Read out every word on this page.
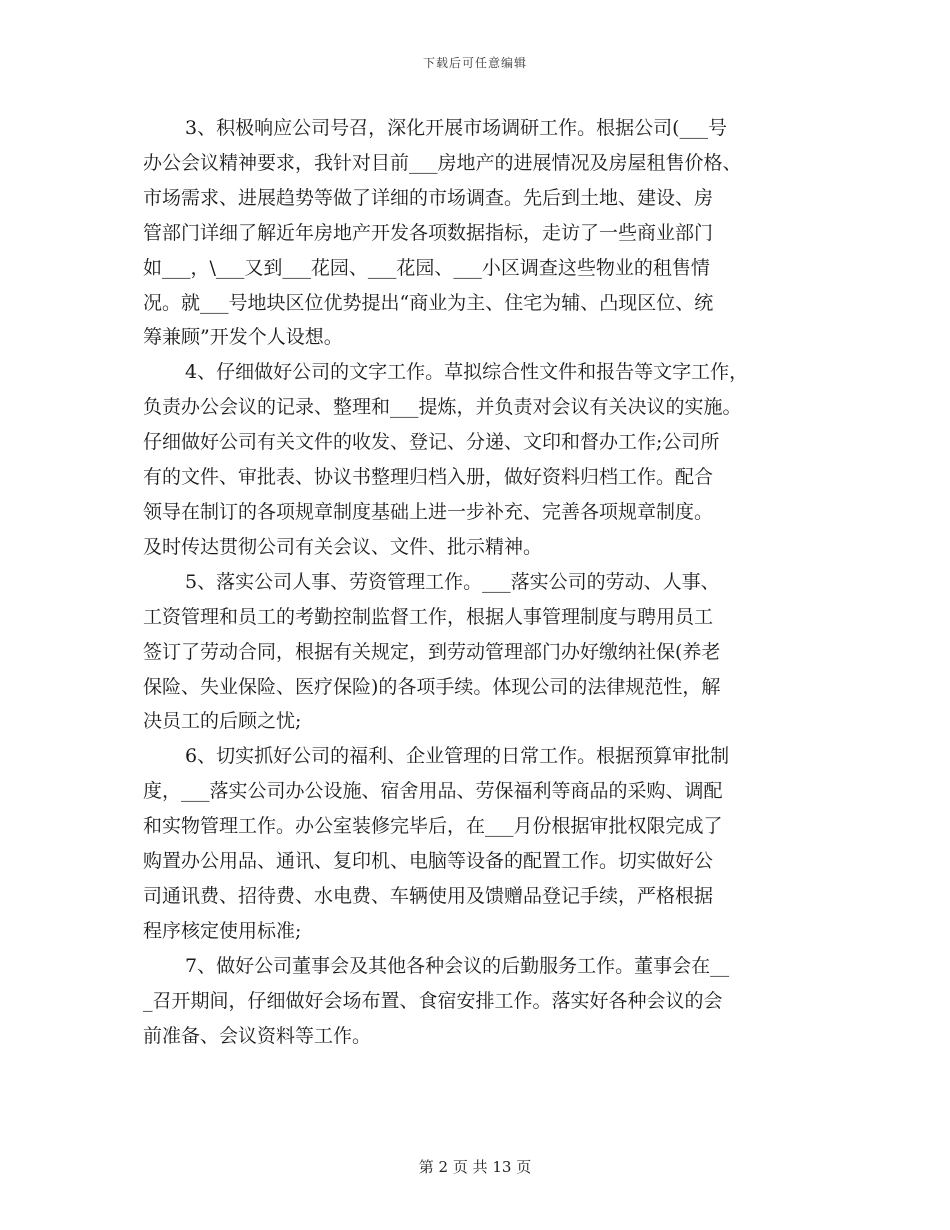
下载后可任意编辑
3、积极响应公司号召，深化开展市场调研工作。根据公司(___号
办公会议精神要求，我针对目前___房地产的进展情况及房屋租售价格、
市场需求、进展趋势等做了详细的市场调查。先后到土地、建设、房
管部门详细了解近年房地产开发各项数据指标，走访了一些商业部门
如___，\___又到___花园、___花园、___小区调查这些物业的租售情
况。就___号地块区位优势提出“商业为主、住宅为辅、凸现区位、统
筹兼顾”开发个人设想。
4、仔细做好公司的文字工作。草拟综合性文件和报告等文字工作，
负责办公会议的记录、整理和___提炼，并负责对会议有关决议的实施。
仔细做好公司有关文件的收发、登记、分递、文印和督办工作;公司所
有的文件、审批表、协议书整理归档入册，做好资料归档工作。配合
领导在制订的各项规章制度基础上进一步补充、完善各项规章制度。
及时传达贯彻公司有关会议、文件、批示精神。
5、落实公司人事、劳资管理工作。___落实公司的劳动、人事、
工资管理和员工的考勤控制监督工作，根据人事管理制度与聘用员工
签订了劳动合同，根据有关规定，到劳动管理部门办好缴纳社保(养老
保险、失业保险、医疗保险)的各项手续。体现公司的法律规范性，解
决员工的后顾之忧;
6、切实抓好公司的福利、企业管理的日常工作。根据预算审批制
度，___落实公司办公设施、宿舍用品、劳保福利等商品的采购、调配
和实物管理工作。办公室装修完毕后，在___月份根据审批权限完成了
购置办公用品、通讯、复印机、电脑等设备的配置工作。切实做好公
司通讯费、招待费、水电费、车辆使用及馈赠品登记手续，严格根据
程序核定使用标准;
7、做好公司董事会及其他各种会议的后勤服务工作。董事会在__
_召开期间，仔细做好会场布置、食宿安排工作。落实好各种会议的会
前准备、会议资料等工作。
第 2 页 共 13 页
